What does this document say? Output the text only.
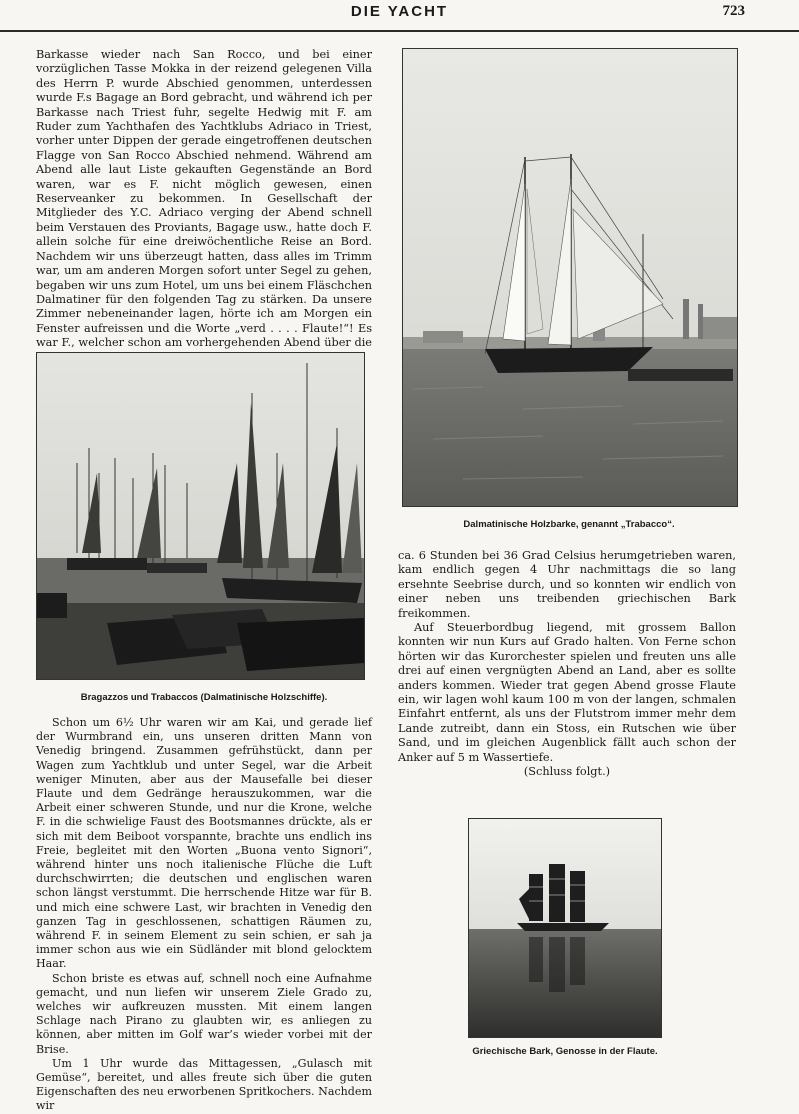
DIE YACHT	723

Barkasse wieder nach San Rocco, und bei einer vorzüglichen Tasse Mokka in der reizend gelegenen Villa des Herrn P. wurde Abschied genommen, unterdessen wurde F.s Bagage an Bord gebracht, und während ich per Barkasse nach Triest fuhr, segelte Hedwig mit F. am Ruder zum Yachthafen des Yachtklubs Adriaco in Triest, vorher unter Dippen der gerade eingetroffenen deutschen Flagge von San Rocco Abschied nehmend. Während am Abend alle laut Liste gekauften Gegenstände an Bord waren, war es F. nicht möglich gewesen, einen Reserveanker zu bekommen. In Gesellschaft der Mitglieder des Y.C. Adriaco verging der Abend schnell beim Verstauen des Proviants, Bagage usw., hatte doch F. allein solche für eine dreiwöchentliche Reise an Bord. Nachdem wir uns überzeugt hatten, dass alles im Trimm war, um am anderen Morgen sofort unter Segel zu gehen, begaben wir uns zum Hotel, um uns bei einem Fläschchen Dalmatiner für den folgenden Tag zu stärken. Da unsere Zimmer nebeneinander lagen, hörte ich am Morgen ein Fenster aufreissen und die Worte „verd . . . . Flaute!“! Es war F., welcher schon am vorhergehenden Abend über die

Bragazzos und Trabaccos (Dalmatinische Holzschiffe).

Schon um 6½ Uhr waren wir am Kai, und gerade lief der Wurmbrand ein, uns unseren dritten Mann von Venedig bringend. Zusammen gefrühstückt, dann per Wagen zum Yachtklub und unter Segel, war die Arbeit weniger Minuten, aber aus der Mausefalle bei dieser Flaute und dem Gedränge herauszukommen, war die Arbeit einer schweren Stunde, und nur die Krone, welche F. in die schwielige Faust des Bootsmannes drückte, als er sich mit dem Beiboot vorspannte, brachte uns endlich ins Freie, begleitet mit den Worten „Buona vento Signori“, während hinter uns noch italienische Flüche die Luft durchschwirrten; die deutschen und englischen waren schon längst verstummt. Die herrschende Hitze war für B. und mich eine schwere Last, wir brachten in Venedig den ganzen Tag in geschlossenen, schattigen Räumen zu, während F. in seinem Element zu sein schien, er sah ja immer schon aus wie ein Südländer mit blond gelocktem Haar.

Schon briste es etwas auf, schnell noch eine Aufnahme gemacht, und nun liefen wir unserem Ziele Grado zu, welches wir aufkreuzen mussten. Mit einem langen Schlage nach Pirano zu glaubten wir, es anliegen zu können, aber mitten im Golf war’s wieder vorbei mit der Brise.

Um 1 Uhr wurde das Mittagessen, „Gulasch mit Gemüse“, bereitet, und alles freute sich über die guten Eigenschaften des neu erworbenen Spritkochers. Nachdem wir

Dalmatinische Holzbarke, genannt „Trabacco“.

ca. 6 Stunden bei 36 Grad Celsius herumgetrieben waren, kam endlich gegen 4 Uhr nachmittags die so lang ersehnte Seebrise durch, und so konnten wir endlich von einer neben uns treibenden griechischen Bark freikommen.

Auf Steuerbordbug liegend, mit grossem Ballon konnten wir nun Kurs auf Grado halten. Von Ferne schon hörten wir das Kurorchester spielen und freuten uns alle drei auf einen vergnügten Abend an Land, aber es sollte anders kommen. Wieder trat gegen Abend grosse Flaute ein, wir lagen wohl kaum 100 m von der langen, schmalen Einfahrt entfernt, als uns der Flutstrom immer mehr dem Lande zutreibt, dann ein Stoss, ein Rutschen wie über Sand, und im gleichen Augenblick fällt auch schon der Anker auf 5 m Wassertiefe.

(Schluss folgt.)

Griechische Bark, Genosse in der Flaute.
